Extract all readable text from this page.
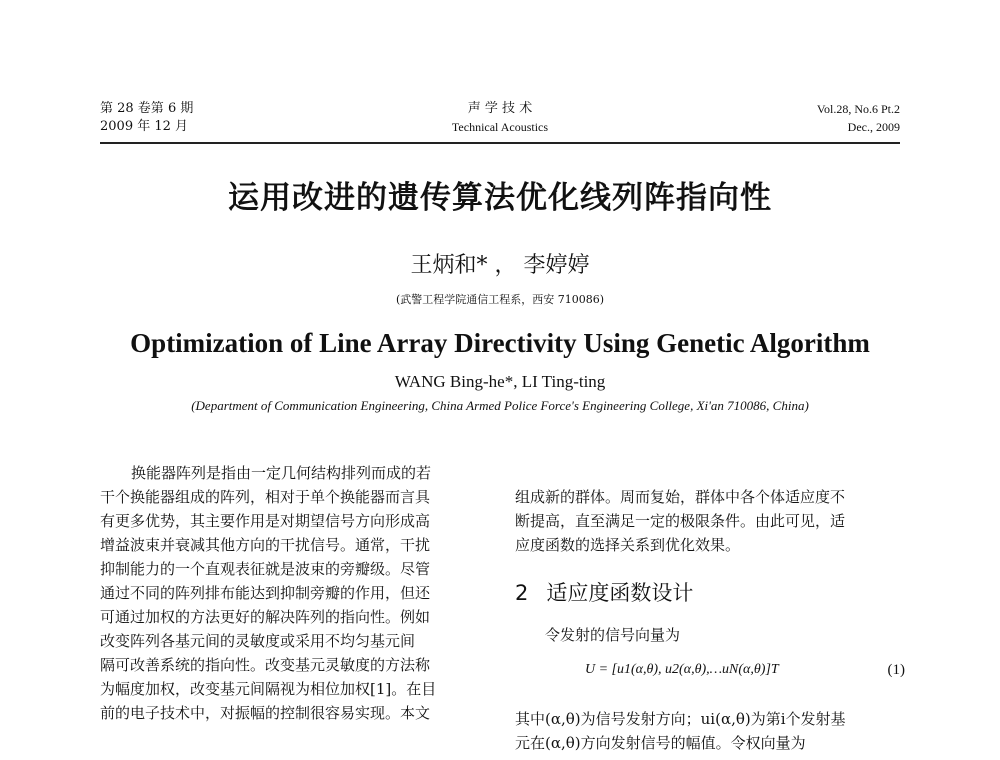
第 28 卷第 6 期
2009 年 12 月
声 学 技 术
Technical Acoustics
Vol.28, No.6 Pt.2
Dec., 2009
运用改进的遗传算法优化线列阵指向性
王炳和* ， 李婷婷
(武警工程学院通信工程系，西安 710086)
Optimization of Line Array Directivity Using Genetic Algorithm
WANG Bing-he*, LI Ting-ting
(Department of Communication Engineering, China Armed Police Force's Engineering College, Xi'an 710086, China)
换能器阵列是指由一定几何结构排列而成的若
干个换能器组成的阵列，相对于单个换能器而言具
有更多优势，其主要作用是对期望信号方向形成高
增益波束并衰减其他方向的干扰信号。通常，干扰
抑制能力的一个直观表征就是波束的旁瓣级。尽管
通过不同的阵列排布能达到抑制旁瓣的作用，但还
可通过加权的方法更好的解决阵列的指向性。例如
改变阵列各基元间的灵敏度或采用不均匀基元间
隔可改善系统的指向性。改变基元灵敏度的方法称
为幅度加权，改变基元间隔视为相位加权[1]。在目
前的电子技术中，对振幅的控制很容易实现。本文
组成新的群体。周而复始，群体中各个体适应度不
断提高，直至满足一定的极限条件。由此可见，适
应度函数的选择关系到优化效果。
2 适应度函数设计
令发射的信号向量为
U = [u1(α,θ), u2(α,θ),…uN(α,θ)]T	(1)
其中(α,θ)为信号发射方向；ui(α,θ)为第i个发射基
元在(α,θ)方向发射信号的幅值。令权向量为
